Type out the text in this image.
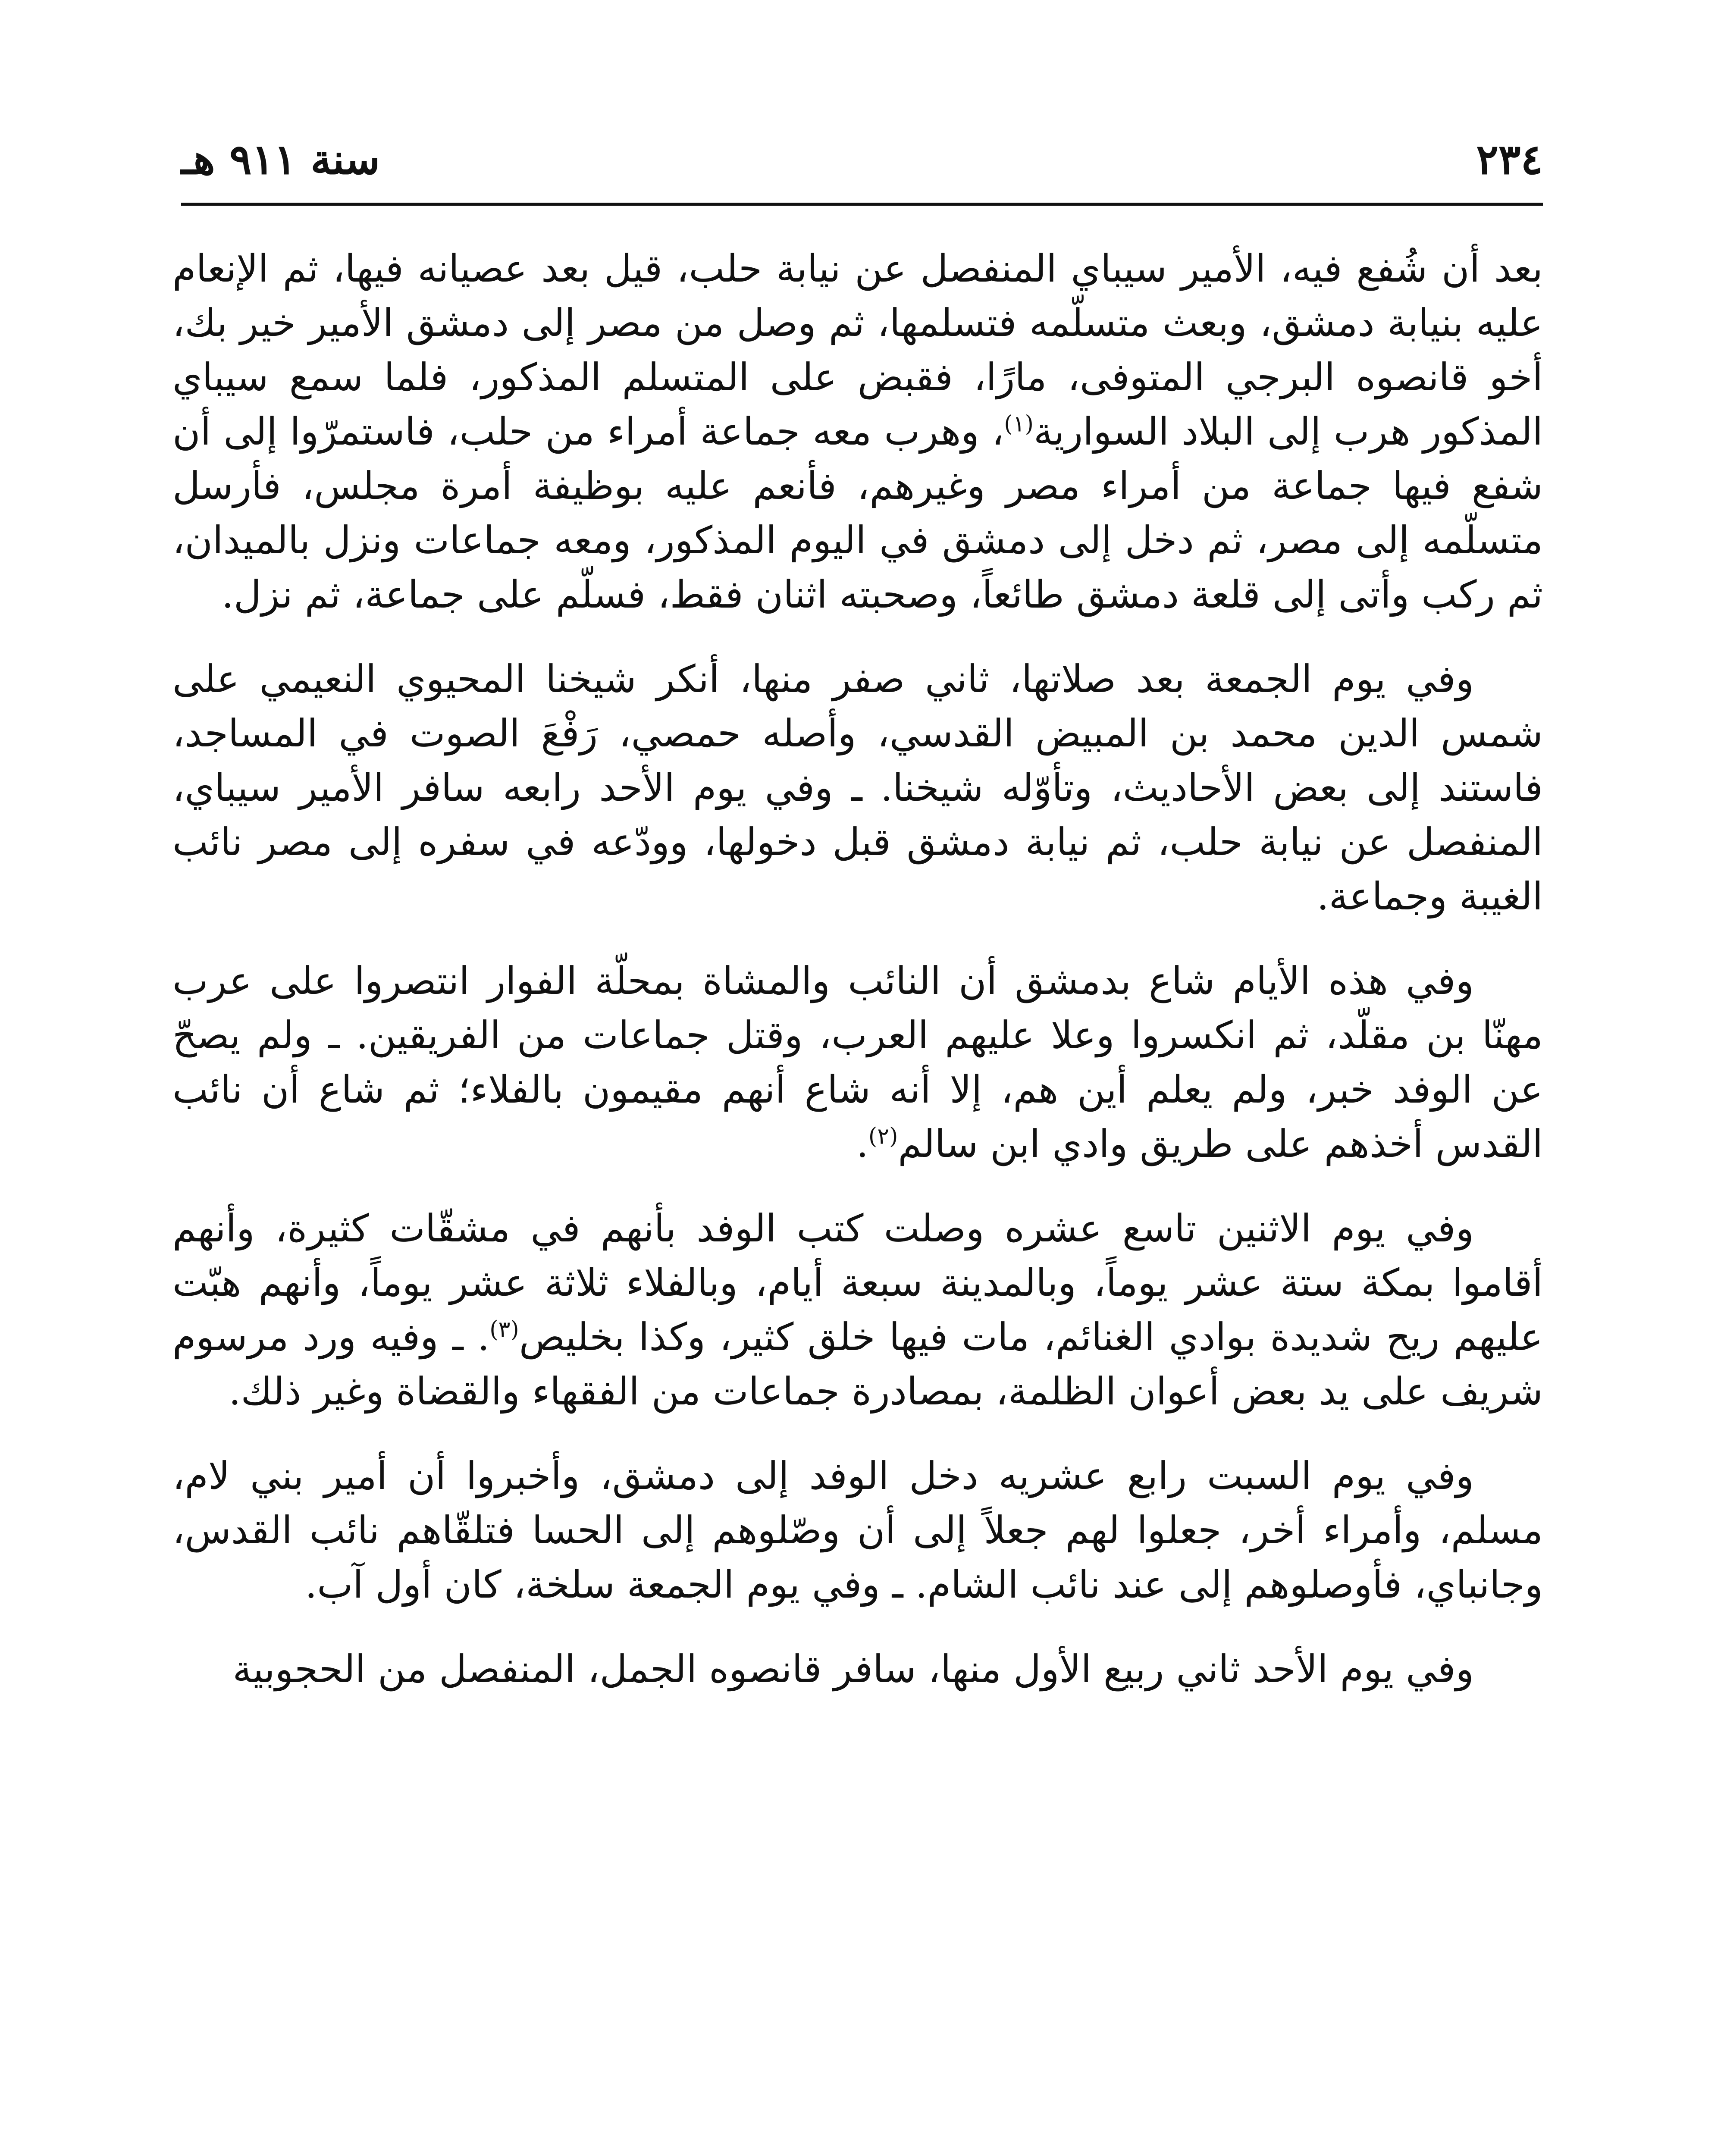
٢٣٤
سنة ٩١١ هـ

بعد أن شُفع فيه، الأمير سيباي المنفصل عن نيابة حلب، قيل بعد عصيانه فيها، ثم الإنعام عليه بنيابة دمشق، وبعث متسلّمه فتسلمها، ثم وصل من مصر إلى دمشق الأمير خير بك، أخو قانصوه البرجي المتوفى، مارًا، فقبض على المتسلم المذكور، فلما سمع سيباي المذكور هرب إلى البلاد السوارية$^{(١)}$، وهرب معه جماعة أمراء من حلب، فاستمرّوا إلى أن شفع فيها جماعة من أمراء مصر وغيرهم، فأنعم عليه بوظيفة أمرة مجلس، فأرسل متسلّمه إلى مصر، ثم دخل إلى دمشق في اليوم المذكور، ومعه جماعات ونزل بالميدان، ثم ركب وأتى إلى قلعة دمشق طائعاً، وصحبته اثنان فقط، فسلّم على جماعة، ثم نزل.

وفي يوم الجمعة بعد صلاتها، ثاني صفر منها، أنكر شيخنا المحيوي النعيمي على شمس الدين محمد بن المبيض القدسي، وأصله حمصي، رَفْعَ الصوت في المساجد، فاستند إلى بعض الأحاديث، وتأوّله شيخنا. ـ وفي يوم الأحد رابعه سافر الأمير سيباي، المنفصل عن نيابة حلب، ثم نيابة دمشق قبل دخولها، وودّعه في سفره إلى مصر نائب الغيبة وجماعة.

وفي هذه الأيام شاع بدمشق أن النائب والمشاة بمحلّة الفوار انتصروا على عرب مهنّا بن مقلّد، ثم انكسروا وعلا عليهم العرب، وقتل جماعات من الفريقين. ـ ولم يصحّ عن الوفد خبر، ولم يعلم أين هم، إلا أنه شاع أنهم مقيمون بالفلاء؛ ثم شاع أن نائب القدس أخذهم على طريق وادي ابن سالم$^{(٢)}$.

وفي يوم الاثنين تاسع عشره وصلت كتب الوفد بأنهم في مشقّات كثيرة، وأنهم أقاموا بمكة ستة عشر يوماً، وبالمدينة سبعة أيام، وبالفلاء ثلاثة عشر يوماً، وأنهم هبّت عليهم ريح شديدة بوادي الغنائم، مات فيها خلق كثير، وكذا بخليص$^{(٣)}$. ـ وفيه ورد مرسوم شريف على يد بعض أعوان الظلمة، بمصادرة جماعات من الفقهاء والقضاة وغير ذلك.

وفي يوم السبت رابع عشريه دخل الوفد إلى دمشق، وأخبروا أن أمير بني لام، مسلم، وأمراء أخر، جعلوا لهم جعلاً إلى أن وصّلوهم إلى الحسا فتلقّاهم نائب القدس، وجانباي، فأوصلوهم إلى عند نائب الشام. ـ وفي يوم الجمعة سلخة، كان أول آب.

وفي يوم الأحد ثاني ربيع الأول منها، سافر قانصوه الجمل، المنفصل من الحجوبية
